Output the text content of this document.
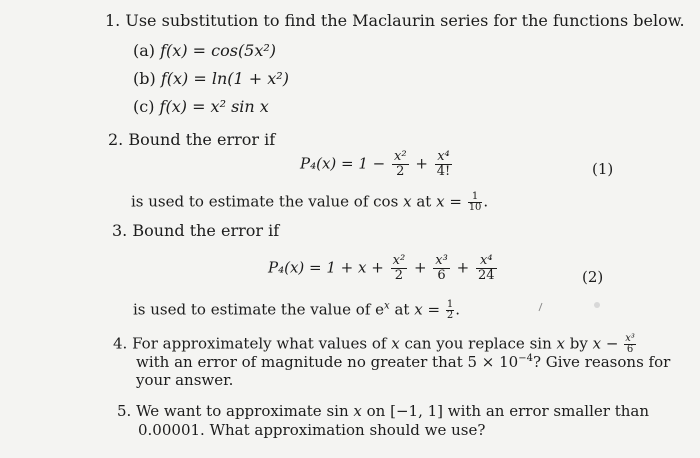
1. Use substitution to find the Maclaurin series for the functions below.
(a) f(x) = cos(5x²)
(b) f(x) = ln(1 + x²)
(c) f(x) = x² sin x
2. Bound the error if
$P_4(x) = 1 - \frac{\text{x²}}{2} + \frac{\text{x⁴}}{4!}$	(1)
is used to estimate the value of cos x at $x = \frac{1}{10}$ .
3. Bound the error if
$P_4(x) = 1 + x + \frac{\text{x²}}{2} + \frac{\text{x³}}{6} + \frac{\text{x⁴}}{24}$	(2)
is used to estimate the value of $e^x$ at $x = \frac{1}{2}$ .
4. For approximately what values of x can you replace sin x by $x - \frac{\text{x³}}{6}$
with an error of magnitude no greater that $5 \times 10^{-4}$? Give reasons for
your answer.
5. We want to approximate sin x on [−1, 1] with an error smaller than
0.00001. What approximation should we use?
